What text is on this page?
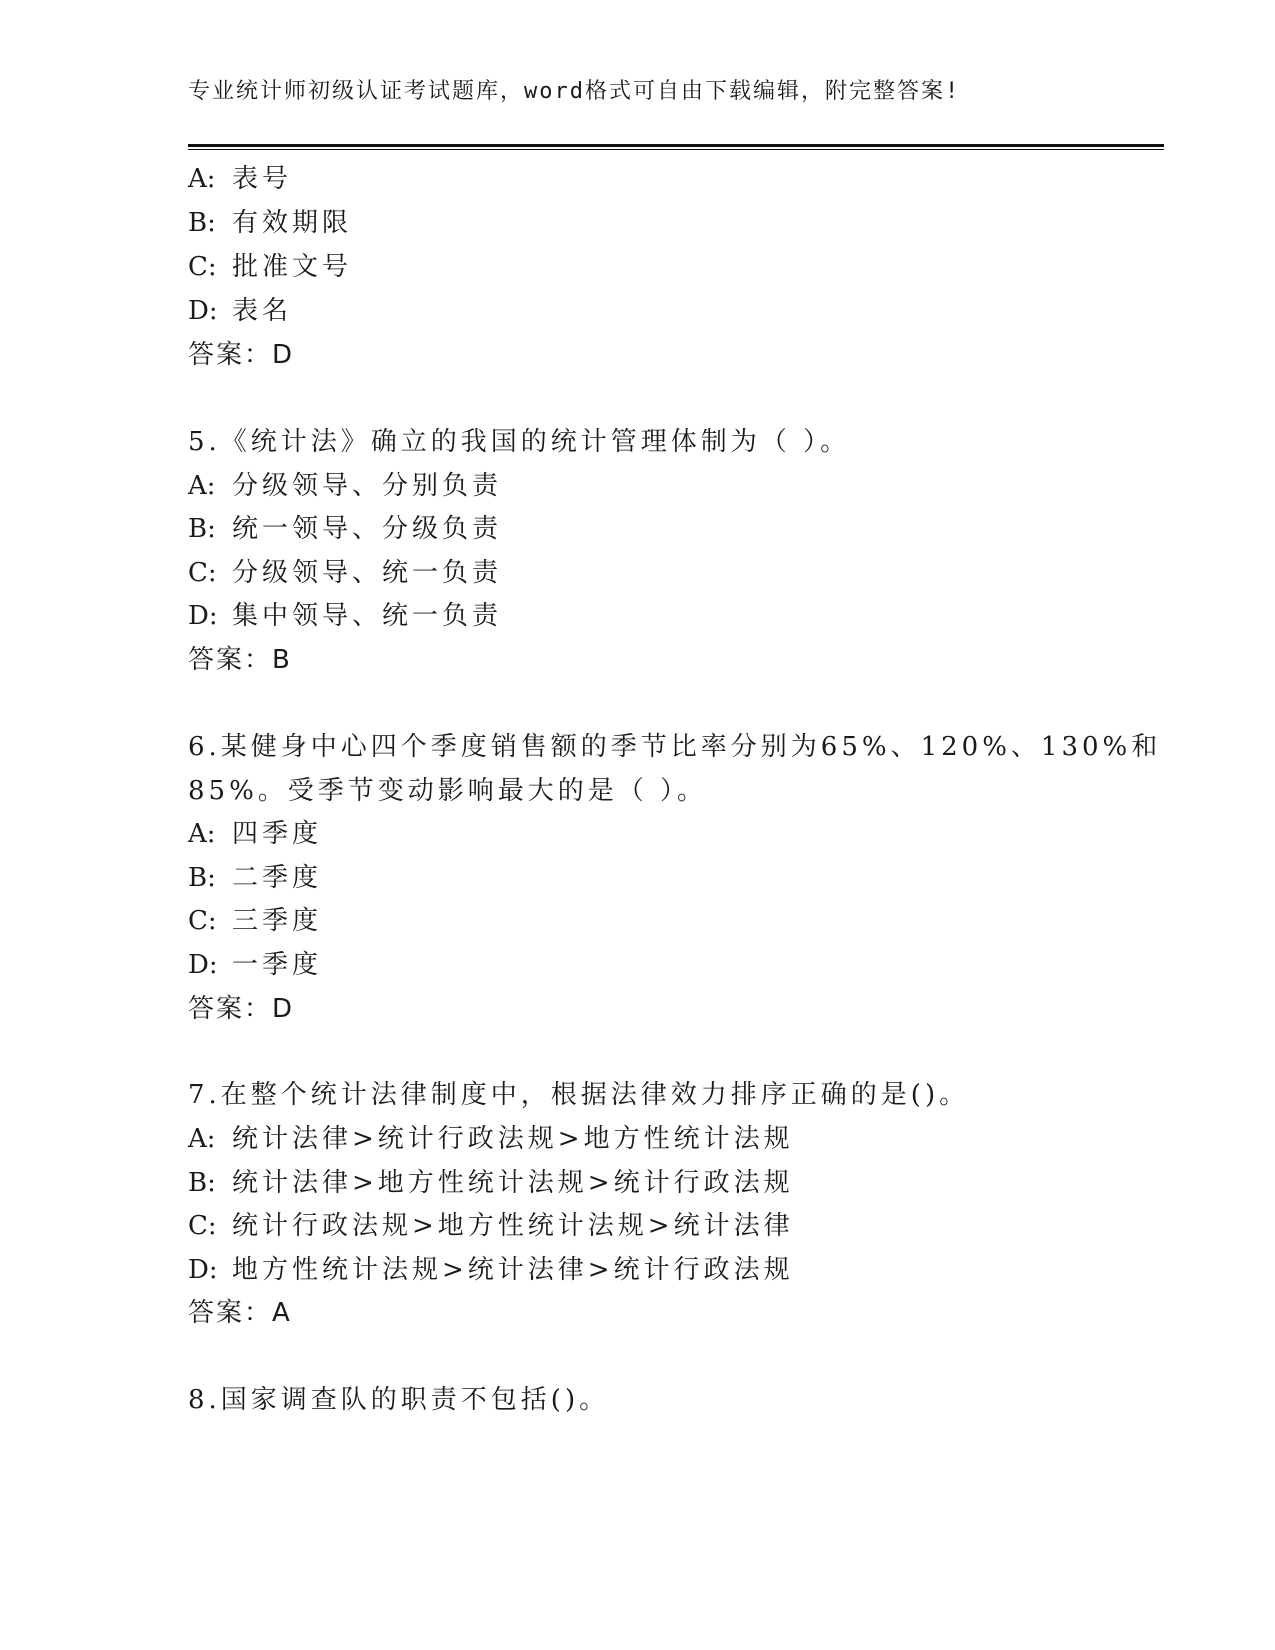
专业统计师初级认证考试题库，word格式可自由下载编辑，附完整答案!
A: 表号
B: 有效期限
C: 批准文号
D: 表名
答案：D
5.《统计法》确立的我国的统计管理体制为（ ）。
A: 分级领导、分别负责
B: 统一领导、分级负责
C: 分级领导、统一负责
D: 集中领导、统一负责
答案：B
6.某健身中心四个季度销售额的季节比率分别为65%、120%、130%和
85%。受季节变动影响最大的是（ ）。
A: 四季度
B: 二季度
C: 三季度
D: 一季度
答案：D
7.在整个统计法律制度中，根据法律效力排序正确的是()。
A: 统计法律>统计行政法规>地方性统计法规
B: 统计法律>地方性统计法规>统计行政法规
C: 统计行政法规>地方性统计法规>统计法律
D: 地方性统计法规>统计法律>统计行政法规
答案：A
8.国家调查队的职责不包括()。
